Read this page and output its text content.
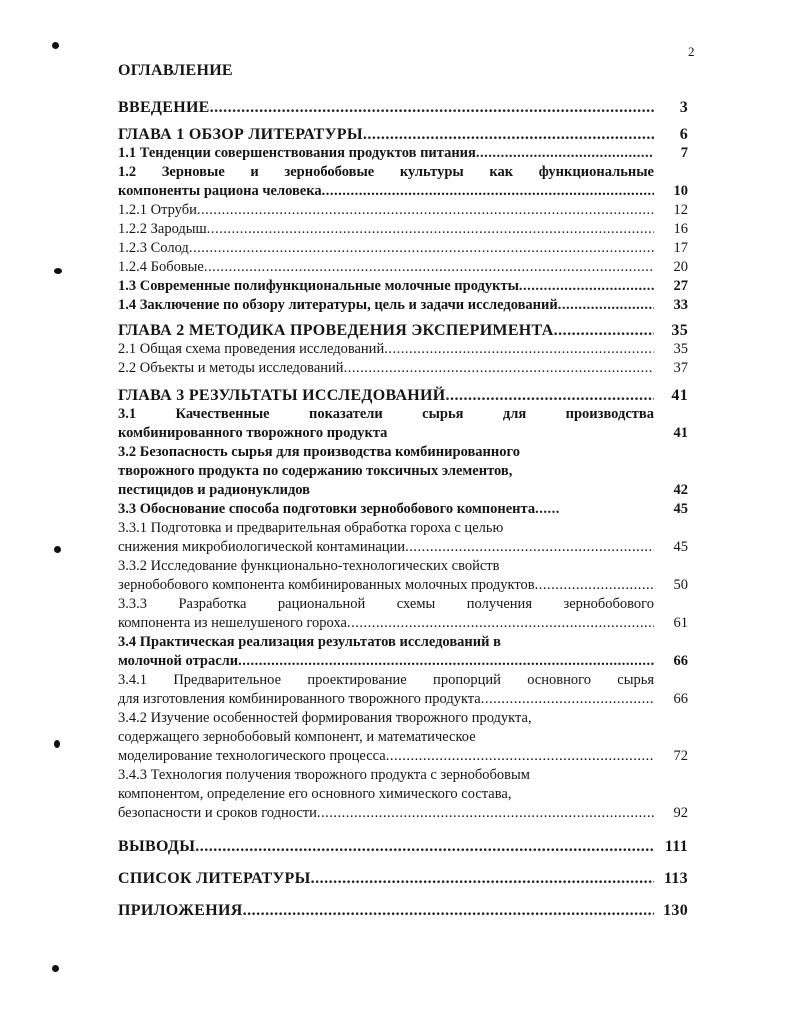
2
ОГЛАВЛЕНИЕ
ВВЕДЕНИЕ .....	3
ГЛАВА 1 ОБЗОР ЛИТЕРАТУРЫ .....	6
1.1 Тенденции совершенствования продуктов питания .....	7
1.2 Зерновые и зернобобовые культуры как функциональные
компоненты рациона человека .....	10
1.2.1 Отруби .....	12
1.2.2 Зародыш .....	16
1.2.3 Солод .....	17
1.2.4 Бобовые .....	20
1.3 Современные полифункциональные молочные продукты .....	27
1.4 Заключение по обзору литературы, цель и задачи исследований .....	33
ГЛАВА 2 МЕТОДИКА ПРОВЕДЕНИЯ ЭКСПЕРИМЕНТА .....	35
2.1 Общая схема проведения исследований .....	35
2.2 Объекты и методы исследований .....	37
ГЛАВА 3 РЕЗУЛЬТАТЫ ИССЛЕДОВАНИЙ .....	41
3.1 Качественные показатели сырья для производства
комбинированного творожного продукта	41
3.2 Безопасность сырья для производства комбинированного
творожного продукта по содержанию токсичных элементов,
пестицидов и радионуклидов	42
3.3 Обоснование способа подготовки зернобобового компонента .....	45
3.3.1 Подготовка и предварительная обработка гороха с целью
снижения микробиологической контаминации .....	45
3.3.2 Исследование функционально-технологических свойств
зернобобового компонента комбинированных молочных продуктов .....	50
3.3.3 Разработка рациональной схемы получения зернобобового
компонента из нешелушеного гороха .....	61
3.4 Практическая реализация результатов исследований в
молочной отрасли .....	66
3.4.1 Предварительное проектирование пропорций основного сырья
для изготовления комбинированного творожного продукта .....	66
3.4.2 Изучение особенностей формирования творожного продукта,
содержащего зернобобовый компонент, и математическое
моделирование технологического процесса .....	72
3.4.3 Технология получения творожного продукта с зернобобовым
компонентом, определение его основного химического состава,
безопасности и сроков годности .....	92
ВЫВОДЫ .....	111
СПИСОК ЛИТЕРАТУРЫ .....	113
ПРИЛОЖЕНИЯ .....	130
